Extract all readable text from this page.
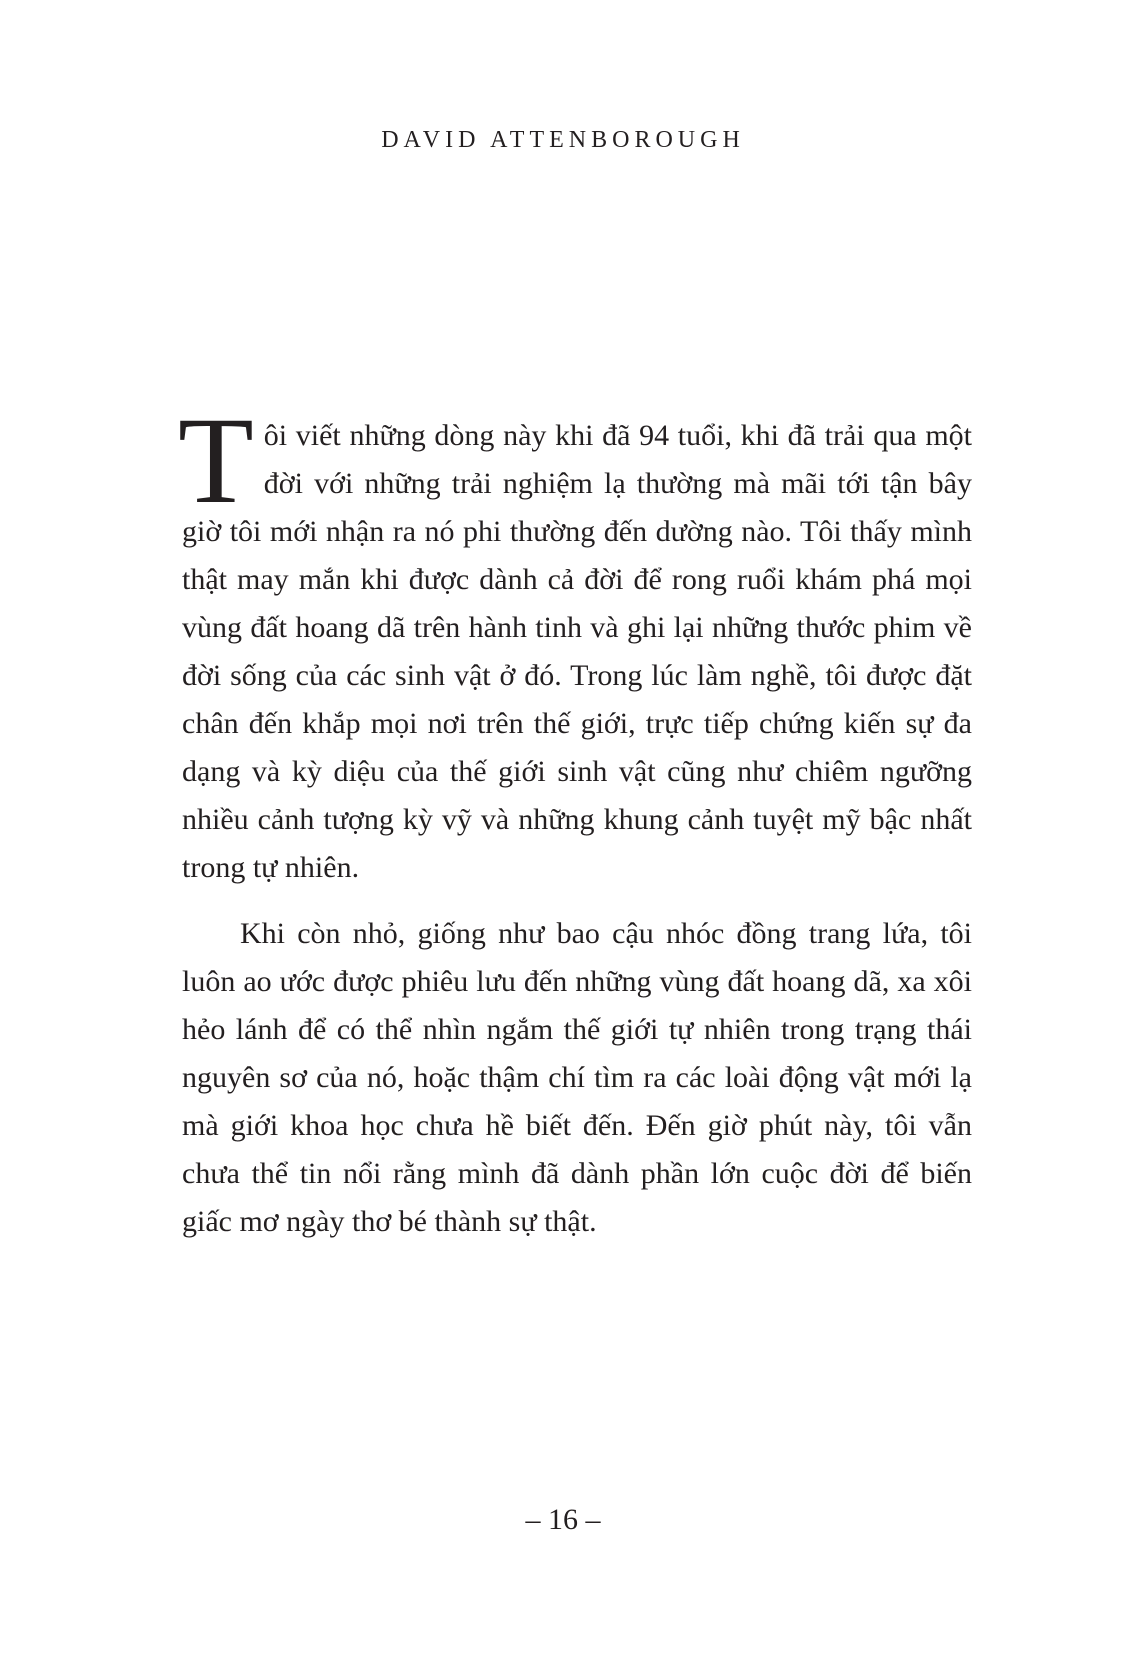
DAVID ATTENBOROUGH

Tôi viết những dòng này khi đã 94 tuổi, khi đã trải qua một đời với những trải nghiệm lạ thường mà mãi tới tận bây giờ tôi mới nhận ra nó phi thường đến dường nào. Tôi thấy mình thật may mắn khi được dành cả đời để rong ruổi khám phá mọi vùng đất hoang dã trên hành tinh và ghi lại những thước phim về đời sống của các sinh vật ở đó. Trong lúc làm nghề, tôi được đặt chân đến khắp mọi nơi trên thế giới, trực tiếp chứng kiến sự đa dạng và kỳ diệu của thế giới sinh vật cũng như chiêm ngưỡng nhiều cảnh tượng kỳ vỹ và những khung cảnh tuyệt mỹ bậc nhất trong tự nhiên.

Khi còn nhỏ, giống như bao cậu nhóc đồng trang lứa, tôi luôn ao ước được phiêu lưu đến những vùng đất hoang dã, xa xôi hẻo lánh để có thể nhìn ngắm thế giới tự nhiên trong trạng thái nguyên sơ của nó, hoặc thậm chí tìm ra các loài động vật mới lạ mà giới khoa học chưa hề biết đến. Đến giờ phút này, tôi vẫn chưa thể tin nổi rằng mình đã dành phần lớn cuộc đời để biến giấc mơ ngày thơ bé thành sự thật.

– 16 –
